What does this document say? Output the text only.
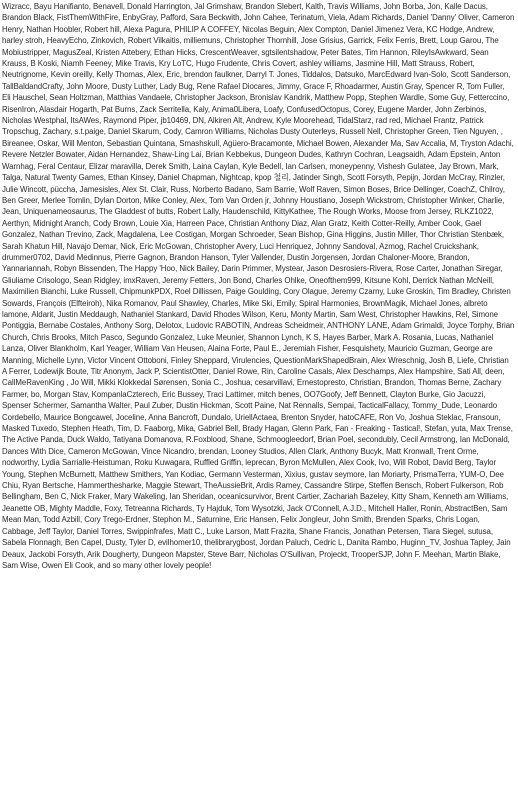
Wizracc, Bayu Hanifianto, Benavell, Donald Harrington, Jal Grimshaw, Brandon Slebert, Kalth, Travis Williams, John Borba, Jon, Kalle Dacus, Brandon Black, FistThemWithFire, EnbyGray, Pafford, Sara Beckwith, John Cahee, Terinatum, Viela, Adam Richards, Daniel 'Danny' Oliver, Cameron Henry, Nathan Hoobler, Robert hill, Alexa Pagura, PHILIP A COFFEY, Nicolas Beguin, Alex Compton, Daniel Jimenez Vera, KC Hodge, Andrew, harley stroh, HeavyEcho, Zinkovich, Robert Vilkaitis, milliemuns, Christopher Thornhill, Jose Grisius, Garrick, Felix Ferris, Brett, Loup Garou, The Mobiustripper, MagusZeal, Kristen Attebery, Ethan Hicks, CrescentWeaver, sgtsilentshadow, Peter Bates, Tim Hannon, RileyIsAwkward, Sean Krauss, B Koski, Niamh Feeney, Mike Travis, Kry LoTC, Hugo Frudente, Chris Covert, ashley williams, Jasmine Hill, Matt Strauss, Robert, Neutrignome, Kevin oreilly, Kelly Thomas, Alex, Eric, brendon faulkner, Darryl T. Jones, Tiddalos, Datsuko, MarcEdward Ivan-Solo, Scott Sanderson, TallBaldandCrafty, John Moore, Dusty Luther, Lady Bug, Rene Rafael Diocares, Jimmy, Grace F, Rhoadarmer, Austin Gray, Spencer R, Tom Fuller, Eli Hauschel, Sean Holtzman, Matthias Vandaele, Christopher Jackson, Bronislav Kandrik, Matthew Popp, Stephen Wardle, Some Guy, Fetterccino, RisenIron, Alasdair Hogarth, Pat Burns, Zack Serritella, Kaly, Anima0Libera, Loafy, ConfusedOctopus, Corey, Eugene Marder, John Zerbinos, Nicholas Westphal, ItsAWes, Raymond Piper, jb10469, DN, Alkiren Alt, Andrew, Kyle Moorehead, TidalStarz, rad red, Michael Frantz, Patrick Tropschug, Zachary, s.t.paige, Daniel Skarum, Cody, Camron Williams, Nicholas Dusty Outerleys, Russell Nell, Christopher Green, Tien Nguyen, , Bireanee, Oskar, Will Menton, Sebastian Quintana, Smashskull, Agüero-Bracamonte, Michael Bowen, Alexander Ma, Sav Accalia, M, Tryston Adachi, Revere Netzler Bowater, Aidan Hernandez, Shaw-Ling Lai, Brian Kebbekus, Dungeon Dudes, Kathryn Cochran, Leagsaidh, Adam Epstein, Anton Warnhag, Feral Centaur, Elizar maravilla, Derek Smith, Laina Caylan, Kyle Bedell, Ian Carlsen, moneypenny, Vishesh Gulatee, Jay Brown, Mark, Talga, Natural Twenty Games, Ethan Kinsey, Daniel Chapman, Nightcap, kpop 철리, Jatinder Singh, Scott Forsyth, Pepijn, Jordan McCray, Rinzler, Julie Wincott, püccha, Jamesisles, Alex St. Clair, Russ, Norberto Badano, Sam Barrie, Wolf Raven, Simon Boses, Brice Dellinger, CoachZ, Chilroy, Ben Greer, Merlee Tomlin, Dylan Dorton, Mike Conley, Alex, Tom Van Orden jr, Johnny Houstiano, Joseph Wickstrom, Christopher Winker, Charlie, Jean, Uniquenameosaurus, The Gladdest of butts, Robert Lally, Haudenschild, KittyKathee, The Rough Works, Moose from Jersey, RLKZ1022, Aerthyn, Midnight Aranch, Cody Brown, Louie Xia, Harreen Pace, Christian Anthony Diaz, Alan Gratz, Keith Cotter-Reilly, Amber Cook, Gael Gonzalez, Nathan Trevino, Zack, Magdalena, Lee Costigan, Morgan Schroeder, Sean Bishop, Gina Higgins, Justin Miller, Thor Christian Stenbæk, Sarah Khatun Hill, Navajo Demar, Nick, Eric McGowan, Christopher Avery, Luci Henriquez, Johnny Sandoval, Azmog, Rachel Cruickshank, drummer0702, David Medinnus, Pierre Gagnon, Brandon Hanson, Tyler Vallender, Dustin Jorgensen, Jordan Chaloner-Moore, Brandon, Yannariannah, Robyn Bissenden, The Happy 'Hoo, Nick Bailey, Darin Primmer, Mystear, Jason Desrosiers-Rivera, Rose Carter, Jonathan Siregar, Gliuliame Crisologo, Sean Ridgley, imxRaven, Jeremy Fetters, Jon Bond, Charles Ohlke, Oneofthem999, Kitsune Kohl, Derrick Nathan McNeill, Maximilien Bianchi, Luke Russell, ChipmunkPDX, Roel Dillissen, Paige Goulding, Cory Olague, Jeremy Czarny, Luke Groskin, Tim Bradley, Christen Sowards, François (Elfteiroh), Nika Romanov, Paul Shawley, Charles, Mike Ski, Emily, Spiral Harmonies, BrownMagik, Michael Jones, albreto lamone, Aldarit, Justin Meddaugh, Nathaniel Stankard, David Rhodes Wilson, Keru, Monty Martin, Sam West, Christopher Hawkins, Rel, Simone Pontiggia, Bernabe Costales, Anthony Sorg, Delotox, Ludovic RABOTIN, Andreas Scheidmeir, ANTHONY LANE, Adam Grimaldi, Joyce Torphy, Brian Church, Chris Brooks, Mitch Pasco, Segundo Gonzalez, Luke Meunier, Shannon Lynch, K S, Hayes Barber, Mark A. Rosania, Lucas, Nathaniel Lanza, Oliver Blankholm, Karl Yeager, William Van Heusen, Alaina Forte, Paul E., Jeremiah Fisher, Fesquishety, Mauricio Guzman, George are Manning, Michelle Lynn, Victor Vincent Ottoboni, Finley Sheppard, Virulencies, QuestionMarkShapedBrain, Alex Wreschnig, Josh B, Liefe, Christian A Ferrer, Lodewijk Boute, Titr Anonym, Jack P, ScientistOtter, Daniel Rowe, Rin, Caroline Casals, Alex Deschamps, Alex Hampshire, Sati All, deen, CallMeRavenKing , Jo Will, Mikki Klokkedal Sørensen, Sonia C., Joshua, cesarvillavi, Ernestopresto, Christian, Brandon, Thomas Berne, Zachary Farmer, bo, Morgan Stav, KompanlaCzterech, Eric Bussey, Traci Lattimer, mitch benes, OO7Goofy, Jeff Bennett, Clayton Burke, Gio Jacuzzi, Spenser Schermer, Samantha Walter, Paul Zuber, Dustin Hickman, Scott Paine, Nat Rennalls, Sempai, TacticalFallacy, Tommy_Dude, Leonardo Cordebello, Maurice Bongcawel, Joceline, Anna Bancroft, Dundalo, UriellActaea, Brenton Snyder, hatoCAFE, Ron Vo, Joshua Steklac, Fransoun, Masked Tuxedo, Stephen Heath, Tim, D. Faaborg, Mika, Gabriel Bell, Brady Hagan, Glenn Park, Fan - Freaking - Tastical!, Stefan, yuta, Max Trense, The Active Panda, Duck Waldo, Tatiyana Domanova, R.Foxblood, Shane, Schmoogleedorf, Brian Poel, secondubly, Cecil Armstrong, Ian McDonald, Dances With Dice, Cameron McGowan, Vince Nicandro, brendan, Looney Studios, Allen Clark, Anthony Bucyk, Matt Kronwall, Trent Orme, nodworthy, Lydia Sarrialle-Heistuman, Roku Kuwagara, Ruffled Griffin, leprecan, Byron McMullen, Alex Cook, Ivo, Will Robot, David Berg, Taylor Young, Stephen McBurnett, Matthew Smithers, Yan Kodiac, Germann Vesterman, Xixius, gustav seymore, Ian Moriarty, PrismaTerra, YUM-O, Dee Chiu, Ryan Bertsche, Hammerthesharke, Maggie Stewart, TheAussieBrit, Ardis Ramey, Cassandre Stirpe, Steffen Bensch, Robert Fulkerson, Rob Bellingham, Ben C, Nick Fraker, Mary Wakeling, Ian Sheridan, oceanicsurvivor, Brent Cartier, Zachariah Bazeley, Kitty Sham, Kenneth am Williams, Jeanette OB, Mighty Maddle, Foxy, Tetreanna Richards, Ty Hajduk, Tom Wysotzki, Jack O'Connell, A.J.D., Mitchell Haller, Ronin, AbstractBen, Sam Mean Man, Todd Azbill, Cory Trego-Erdner, Stephon M., Saturnine, Eric Hansen, Felix Jongleur, John Smith, Brenden Sparks, Chris Logan, Cabbage, Jeff Taylor, Daniel Torres, Swippinfrafes, Matt C., Luke Larson, Matt Frazita, Shane Francis, Jonathan Petersen, Tiara Siegel, sutusa, Sabela Flonnagh, Ben Capel, Dusty, Tyler D, evilhomer10, thelibrarygbost, Jordan Paluch, Cedric L, Danita Rambo, Huginn_TV, Joshua Tapley, Jain Deaux, Jackobi Forsyth, Arik Dougherty, Dungeon Mapster, Steve Barr, Nicholas O'Sullivan, Projeckt, TrooperSJP, John F. Meehan, Martin Blake, Sam Wise, Owen Eli Cook, and so many other lovely people!
